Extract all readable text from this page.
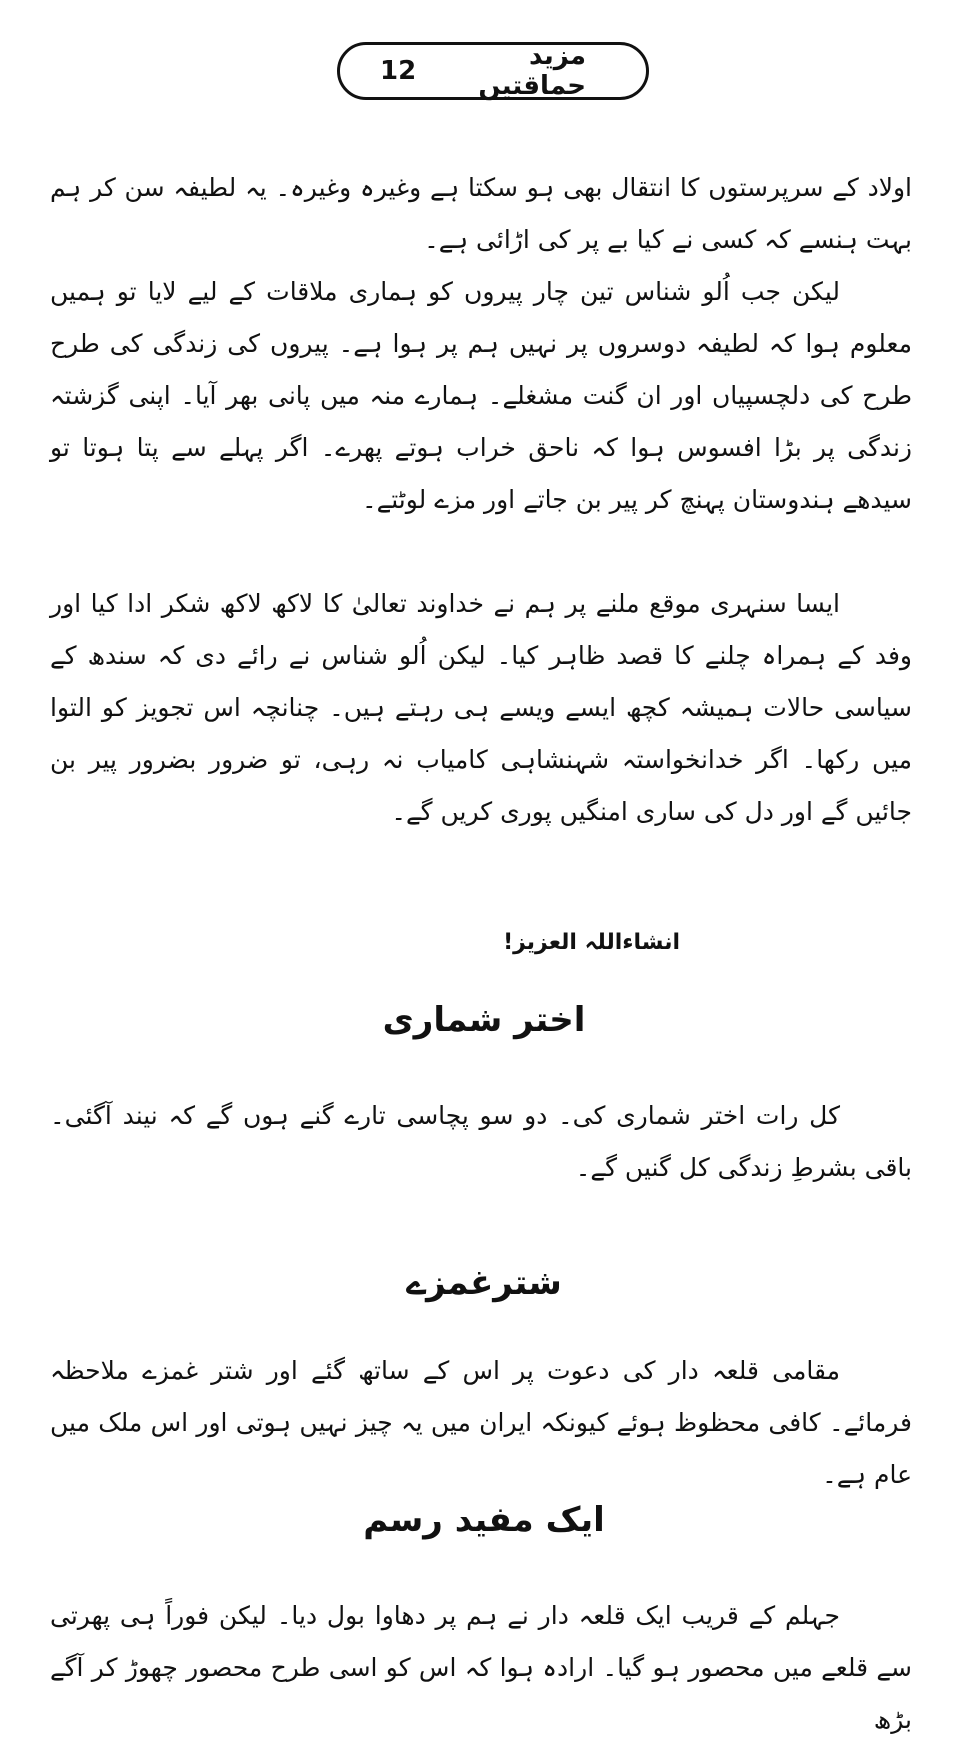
12	مزید حماقتیں

اولاد کے سرپرستوں کا انتقال بھی ہو سکتا ہے وغیرہ وغیرہ۔ یہ لطیفہ سن کر ہم بہت ہنسے کہ کسی نے کیا بے پر کی اڑائی ہے۔

لیکن جب اُلو شناس تین چار پیروں کو ہماری ملاقات کے لیے لایا تو ہمیں معلوم ہوا کہ لطیفہ دوسروں پر نہیں ہم پر ہوا ہے۔ پیروں کی زندگی کی طرح طرح کی دلچسپیاں اور ان گنت مشغلے۔ ہمارے منہ میں پانی بھر آیا۔ اپنی گزشتہ زندگی پر بڑا افسوس ہوا کہ ناحق خراب ہوتے پھرے۔ اگر پہلے سے پتا ہوتا تو سیدھے ہندوستان پہنچ کر پیر بن جاتے اور مزے لوٹتے۔

ایسا سنہری موقع ملنے پر ہم نے خداوند تعالیٰ کا لاکھ لاکھ شکر ادا کیا اور وفد کے ہمراہ چلنے کا قصد ظاہر کیا۔ لیکن اُلو شناس نے رائے دی کہ سندھ کے سیاسی حالات ہمیشہ کچھ ایسے ویسے ہی رہتے ہیں۔ چنانچہ اس تجویز کو التوا میں رکھا۔ اگر خدانخواستہ شہنشاہی کامیاب نہ رہی، تو ضرور بضرور پیر بن جائیں گے اور دل کی ساری امنگیں پوری کریں گے۔

انشاءاللہ العزیز!

اختر شماری

کل رات اختر شماری کی۔ دو سو پچاسی تارے گنے ہوں گے کہ نیند آگئی۔ باقی بشرطِ زندگی کل گنیں گے۔

شترغمزے

مقامی قلعہ دار کی دعوت پر اس کے ساتھ گئے اور شتر غمزے ملاحظہ فرمائے۔ کافی محظوظ ہوئے کیونکہ ایران میں یہ چیز نہیں ہوتی اور اس ملک میں عام ہے۔

ایک مفید رسم

جہلم کے قریب ایک قلعہ دار نے ہم پر دھاوا بول دیا۔ لیکن فوراً ہی پھرتی سے قلعے میں محصور ہو گیا۔ ارادہ ہوا کہ اس کو اسی طرح محصور چھوڑ کر آگے بڑھ
